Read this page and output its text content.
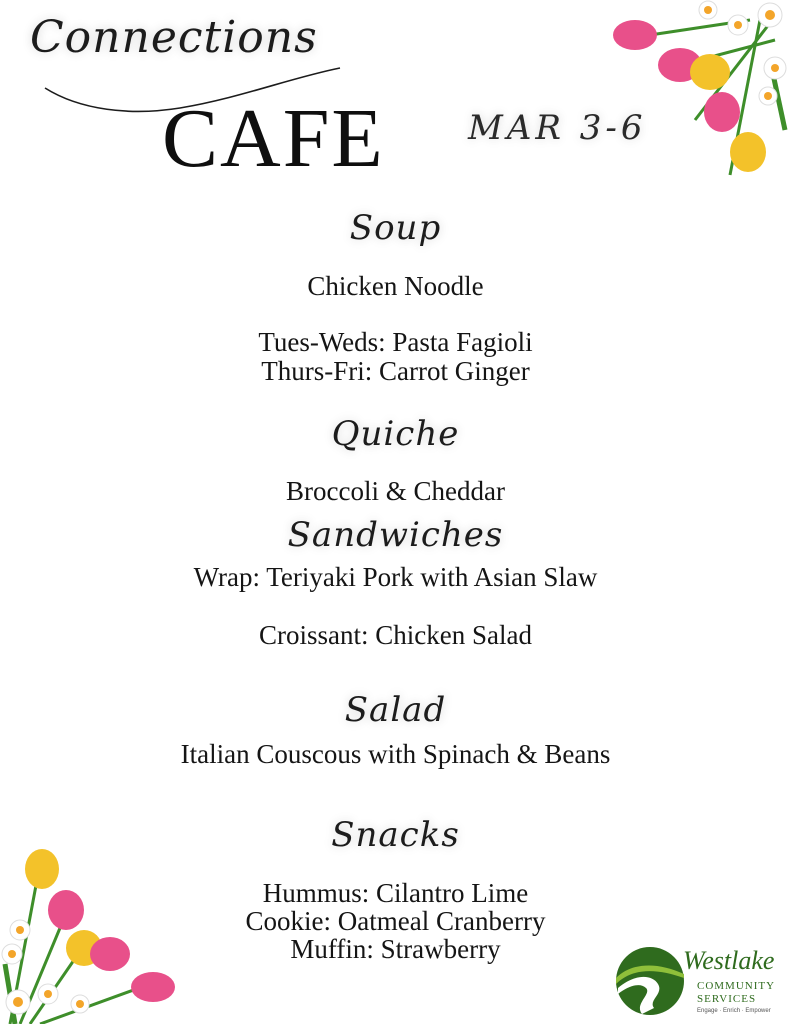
Connections
CAFE MAR 3-6
Soup
Chicken Noodle
Tues-Weds: Pasta Fagioli
Thurs-Fri: Carrot Ginger
Quiche
Broccoli & Cheddar
Sandwiches
Wrap: Teriyaki Pork with Asian Slaw
Croissant: Chicken Salad
Salad
Italian Couscous with Spinach & Beans
Snacks
Hummus: Cilantro Lime
Cookie: Oatmeal Cranberry
Muffin: Strawberry	Westlake
COMMUNITY
SERVICES
Engage · Enrich · Empower
